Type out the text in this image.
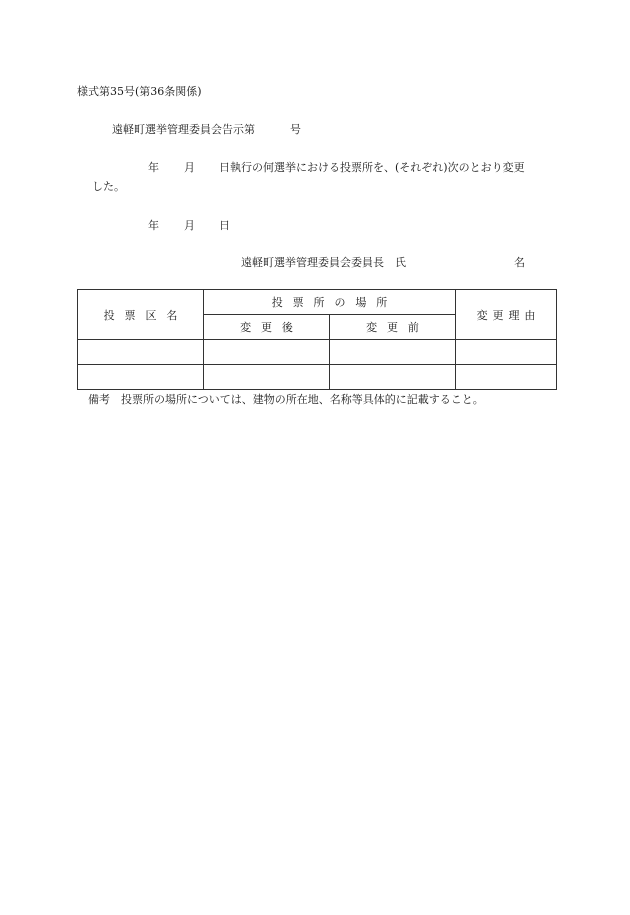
様式第35号(第36条関係)
遠軽町選挙管理委員会告示第	号
年 月 日執行の何選挙における投票所を、(それぞれ)次のとおり変更
した。
年 月 日
遠軽町選挙管理委員会委員長　氏	名
投票区名	投票所の場所		変更理由
	変更後	変更前	

備考　投票所の場所については、建物の所在地、名称等具体的に記載すること。
